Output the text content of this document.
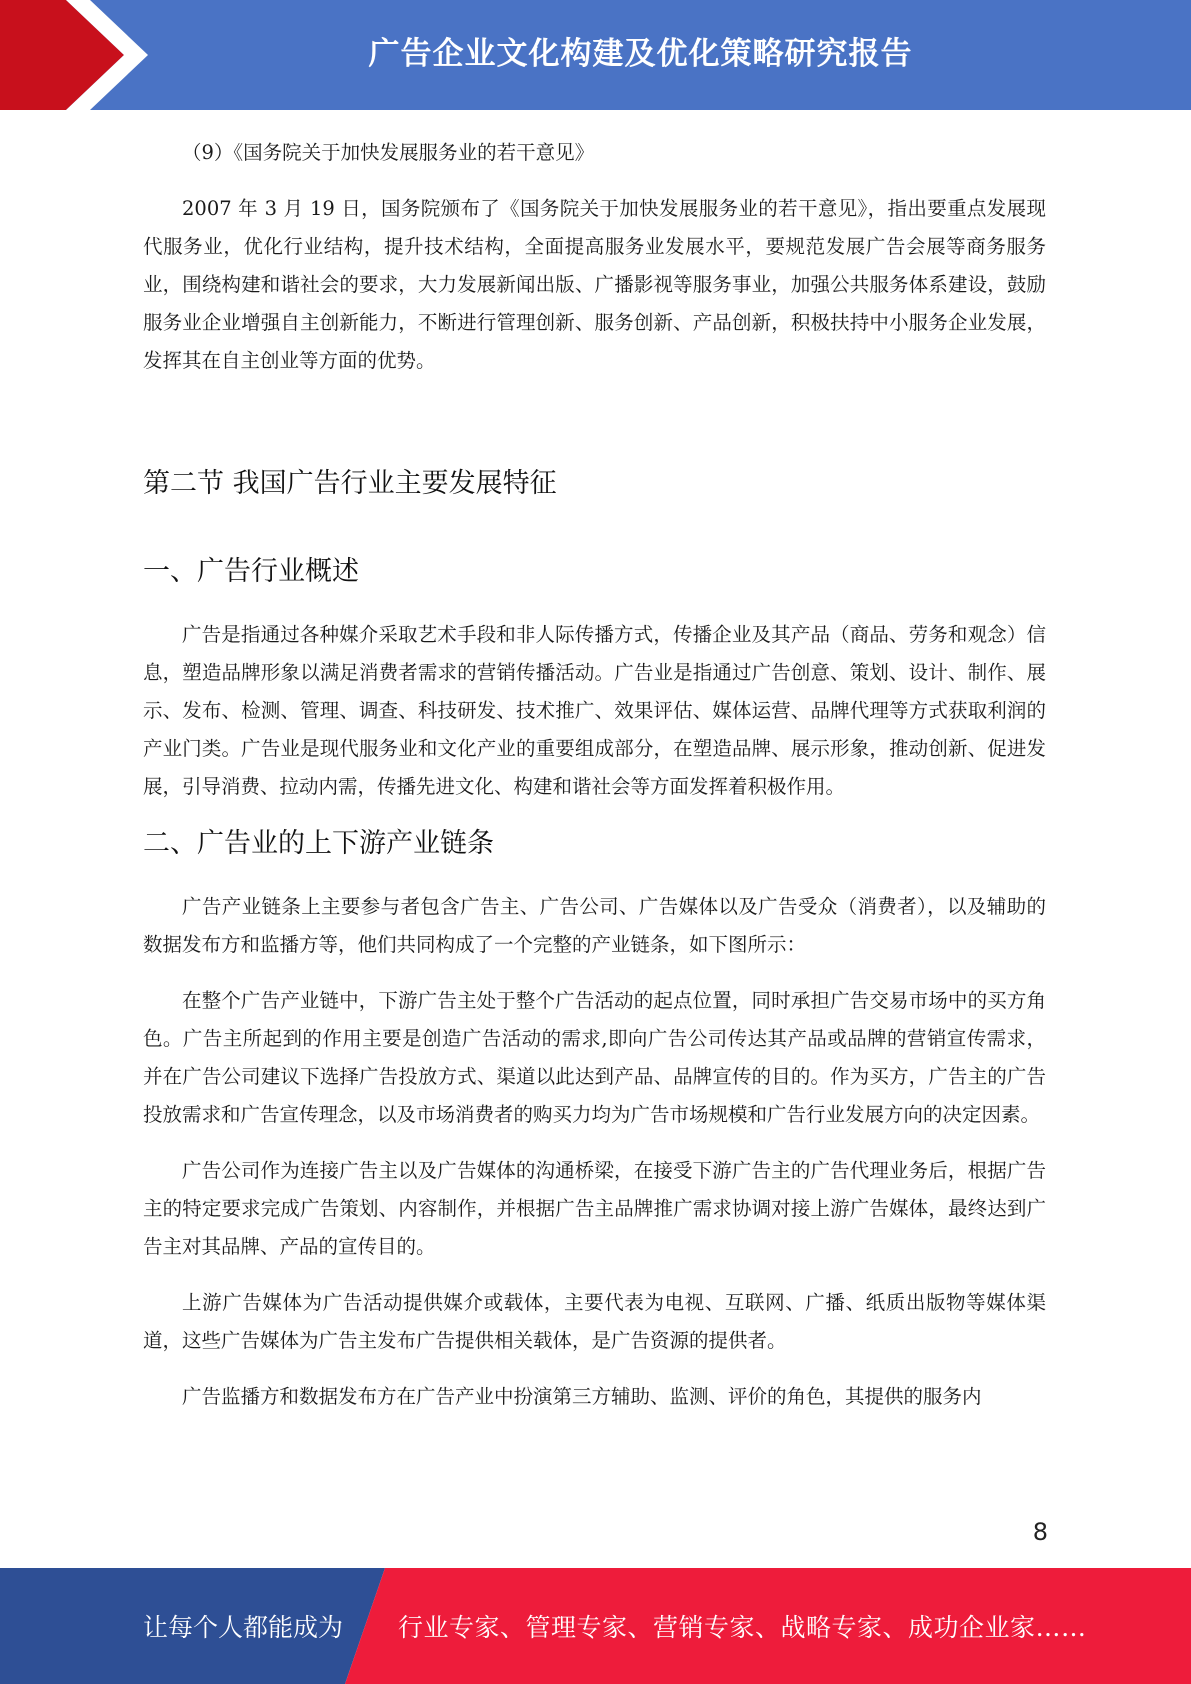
广告企业文化构建及优化策略研究报告

（9）《国务院关于加快发展服务业的若干意见》

2007 年 3 月 19 日，国务院颁布了《国务院关于加快发展服务业的若干意见》，指出要重点发展现代服务业，优化行业结构，提升技术结构，全面提高服务业发展水平，要规范发展广告会展等商务服务业，围绕构建和谐社会的要求，大力发展新闻出版、广播影视等服务事业，加强公共服务体系建设，鼓励服务业企业增强自主创新能力，不断进行管理创新、服务创新、产品创新，积极扶持中小服务企业发展，发挥其在自主创业等方面的优势。

第二节 我国广告行业主要发展特征
一、广告行业概述

广告是指通过各种媒介采取艺术手段和非人际传播方式，传播企业及其产品（商品、劳务和观念）信息，塑造品牌形象以满足消费者需求的营销传播活动。广告业是指通过广告创意、策划、设计、制作、展示、发布、检测、管理、调查、科技研发、技术推广、效果评估、媒体运营、品牌代理等方式获取利润的产业门类。广告业是现代服务业和文化产业的重要组成部分，在塑造品牌、展示形象，推动创新、促进发展，引导消费、拉动内需，传播先进文化、构建和谐社会等方面发挥着积极作用。

二、广告业的上下游产业链条

广告产业链条上主要参与者包含广告主、广告公司、广告媒体以及广告受众（消费者），以及辅助的数据发布方和监播方等，他们共同构成了一个完整的产业链条，如下图所示：

在整个广告产业链中，下游广告主处于整个广告活动的起点位置，同时承担广告交易市场中的买方角色。广告主所起到的作用主要是创造广告活动的需求,即向广告公司传达其产品或品牌的营销宣传需求，并在广告公司建议下选择广告投放方式、渠道以此达到产品、品牌宣传的目的。作为买方，广告主的广告投放需求和广告宣传理念，以及市场消费者的购买力均为广告市场规模和广告行业发展方向的决定因素。

广告公司作为连接广告主以及广告媒体的沟通桥梁，在接受下游广告主的广告代理业务后，根据广告主的特定要求完成广告策划、内容制作，并根据广告主品牌推广需求协调对接上游广告媒体，最终达到广告主对其品牌、产品的宣传目的。

上游广告媒体为广告活动提供媒介或载体，主要代表为电视、互联网、广播、纸质出版物等媒体渠道，这些广告媒体为广告主发布广告提供相关载体，是广告资源的提供者。

广告监播方和数据发布方在广告产业中扮演第三方辅助、监测、评价的角色，其提供的服务内

8
让每个人都能成为 行业专家、管理专家、营销专家、战略专家、成功企业家……
